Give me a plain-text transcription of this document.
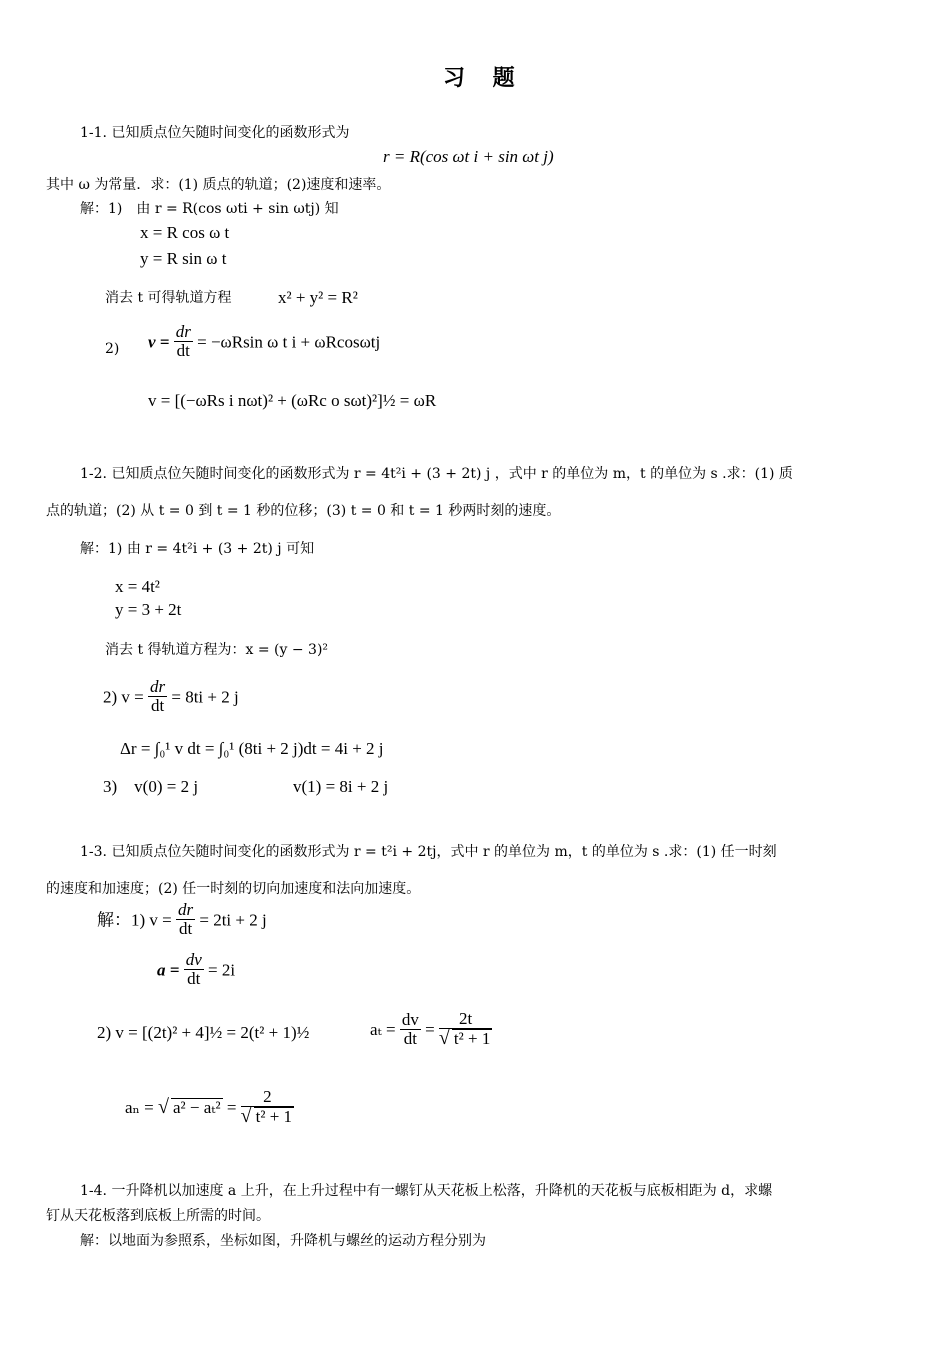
习 题
1-1. 已知质点位矢随时间变化的函数形式为
r = R(cos ωt i + sin ωt j)
其中 ω 为常量．求：(1) 质点的轨道；(2)速度和速率。
解：1)　由 r = R(cos ωti + sin ωtj) 知
x = R cos ω t
y = R sin ω t
消去 t 可得轨道方程	x² + y² = R²
2) $v = \frac{dr}{dt} = -\omega Rsin$ ω t i + ωRcosωtj
v = [(−ωRs i nωt)² + (ωRc o sωt)²]½ = ωR
1-2. 已知质点位矢随时间变化的函数形式为 r = 4t²i + (3 + 2t) j ，式中 r 的单位为 m，t 的单位为 s .求：(1) 质
点的轨道；(2) 从 t = 0 到 t = 1 秒的位移；(3) t = 0 和 t = 1 秒两时刻的速度。
解：1) 由 r = 4t²i + (3 + 2t) j 可知
x = 4t²
y = 3 + 2t
消去 t 得轨道方程为：x = (y − 3)²
2) $v = \frac{dr}{dt} = 8ti + 2$ j
Δr = ∫₀¹ v dt = ∫₀¹ (8ti + 2 j)dt = 4i + 2 j
3)　v(0) = 2 j	v(1) = 8i + 2 j
1-3. 已知质点位矢随时间变化的函数形式为 r = t²i + 2tj，式中 r 的单位为 m，t 的单位为 s .求：(1) 任一时刻
的速度和加速度；(2) 任一时刻的切向加速度和法向加速度。
解：1) $v = \frac{dr}{dt} = 2ti + 2$ j
$a = \frac{dv}{dt} = 2i$
2) v = [(2t)² + 4]½ = 2(t² + 1)½	$a_t = \frac{dv}{dt} = \frac{2t}{\text{√ t² + 1}}$
aₙ = √ $a^2 - a_t^2 = \frac{2}{\text{√ t² + 1}}$
1-4. 一升降机以加速度 a 上升，在上升过程中有一螺钉从天花板上松落，升降机的天花板与底板相距为 d，求螺
钉从天花板落到底板上所需的时间。
解：以地面为参照系，坐标如图，升降机与螺丝的运动方程分别为
